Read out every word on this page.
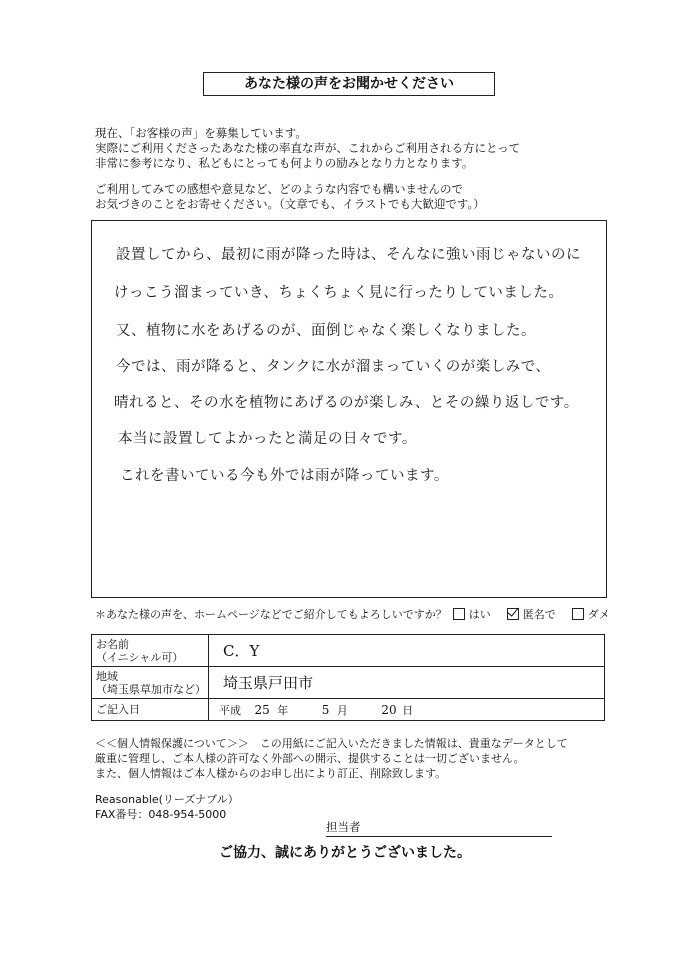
あなた様の声をお聞かせください
現在、「お客様の声」を募集しています。
実際にご利用くださったあなた様の率直な声が、これからご利用される方にとって
非常に参考になり、私どもにとっても何よりの励みとなり力となります。
ご利用してみての感想や意見など、どのような内容でも構いませんので
お気づきのことをお寄せください。（文章でも、イラストでも大歓迎です。）
設置してから、最初に雨が降った時は、そんなに強い雨じゃないのに
けっこう溜まっていき、ちょくちょく見に行ったりしていました。
又、植物に水をあげるのが、面倒じゃなく楽しくなりました。
今では、雨が降ると、タンクに水が溜まっていくのが楽しみで、
晴れると、その水を植物にあげるのが楽しみ、とその繰り返しです。
本当に設置してよかったと満足の日々です。
これを書いている今も外では雨が降っています。
＊あなた様の声を、ホームページなどでご紹介してもよろしいですか？ はい	匿名で	ダメ
お名前
（イニシャル可）	C．Y

地域
（埼玉県草加市など）	埼玉県戸田市
ご記入日	平成 25 年 5 月 20 日
＜＜個人情報保護について＞＞　この用紙にご記入いただきました情報は、貴重なデータとして
厳重に管理し、ご本人様の許可なく外部への開示、提供することは一切ございません。
また、個人情報はご本人様からのお申し出により訂正、削除致します。
Reasonable(リーズナブル）
FAX番号：048-954-5000
担当者
ご協力、誠にありがとうございました。
